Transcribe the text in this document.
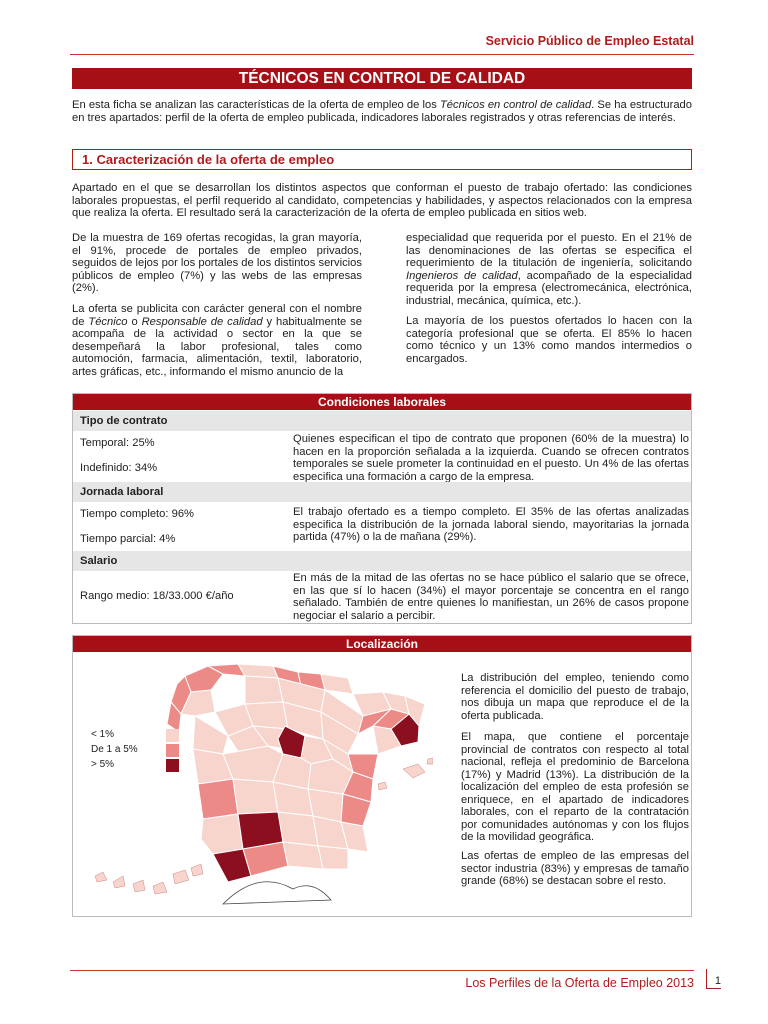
Servicio Público de Empleo Estatal
TÉCNICOS EN CONTROL DE CALIDAD

En esta ficha se analizan las características de la oferta de empleo de los Técnicos en control de calidad. Se ha estructurado en tres apartados: perfil de la oferta de empleo publicada, indicadores laborales registrados y otras referencias de interés.

1. Caracterización de la oferta de empleo

Apartado en el que se desarrollan los distintos aspectos que conforman el puesto de trabajo ofertado: las condiciones laborales propuestas, el perfil requerido al candidato, competencias y habilidades, y aspectos relacionados con la empresa que realiza la oferta. El resultado será la caracterización de la oferta de empleo publicada en sitios web.

De la muestra de 169 ofertas recogidas, la gran mayoría, el 91%, procede de portales de empleo privados, seguidos de lejos por los portales de los distintos servicios públicos de empleo (7%) y las webs de las empresas (2%).

La oferta se publicita con carácter general con el nombre de Técnico o Responsable de calidad y habitualmente se acompaña de la actividad o sector en la que se desempeñará la labor profesional, tales como automoción, farmacia, alimentación, textil, laboratorio, artes gráficas, etc., informando el mismo anuncio de la

especialidad que requerida por el puesto. En el 21% de las denominaciones de las ofertas se especifica el requerimiento de la titulación de ingeniería, solicitando Ingenieros de calidad, acompañado de la especialidad requerida por la empresa (electromecánica, electrónica, industrial, mecánica, química, etc.).

La mayoría de los puestos ofertados lo hacen con la categoría profesional que se oferta. El 85% lo hacen como técnico y un 13% como mandos intermedios o encargados.

Condiciones laborales
Tipo de contrato
Temporal: 25%
Indefinido: 34%
Quienes especifican el tipo de contrato que proponen (60% de la muestra) lo hacen en la proporción señalada a la izquierda. Cuando se ofrecen contratos temporales se suele prometer la continuidad en el puesto. Un 4% de las ofertas especifica una formación a cargo de la empresa.
Jornada laboral
Tiempo completo: 96%
Tiempo parcial: 4%
El trabajo ofertado es a tiempo completo. El 35% de las ofertas analizadas especifica la distribución de la jornada laboral siendo, mayoritarias la jornada partida (47%) o la de mañana (29%).
Salario
Rango medio: 18/33.000 €/año
En más de la mitad de las ofertas no se hace público el salario que se ofrece, en las que sí lo hacen (34%) el mayor porcentaje se concentra en el rango señalado. También de entre quienes lo manifiestan, un 26% de casos propone negociar el salario a percibir.
Localización
< 1%
De 1 a 5%
> 5%

La distribución del empleo, teniendo como referencia el domicilio del puesto de trabajo, nos dibuja un mapa que reproduce el de la oferta publicada.

El mapa, que contiene el porcentaje provincial de contratos con respecto al total nacional, refleja el predominio de Barcelona (17%) y Madrid (13%). La distribución de la localización del empleo de esta profesión se enriquece, en el apartado de indicadores laborales, con el reparto de la contratación por comunidades autónomas y con los flujos de la movilidad geográfica.

Las ofertas de empleo de las empresas del sector industria (83%) y empresas de tamaño grande (68%) se destacan sobre el resto.

Los Perfiles de la Oferta de Empleo 2013	1
